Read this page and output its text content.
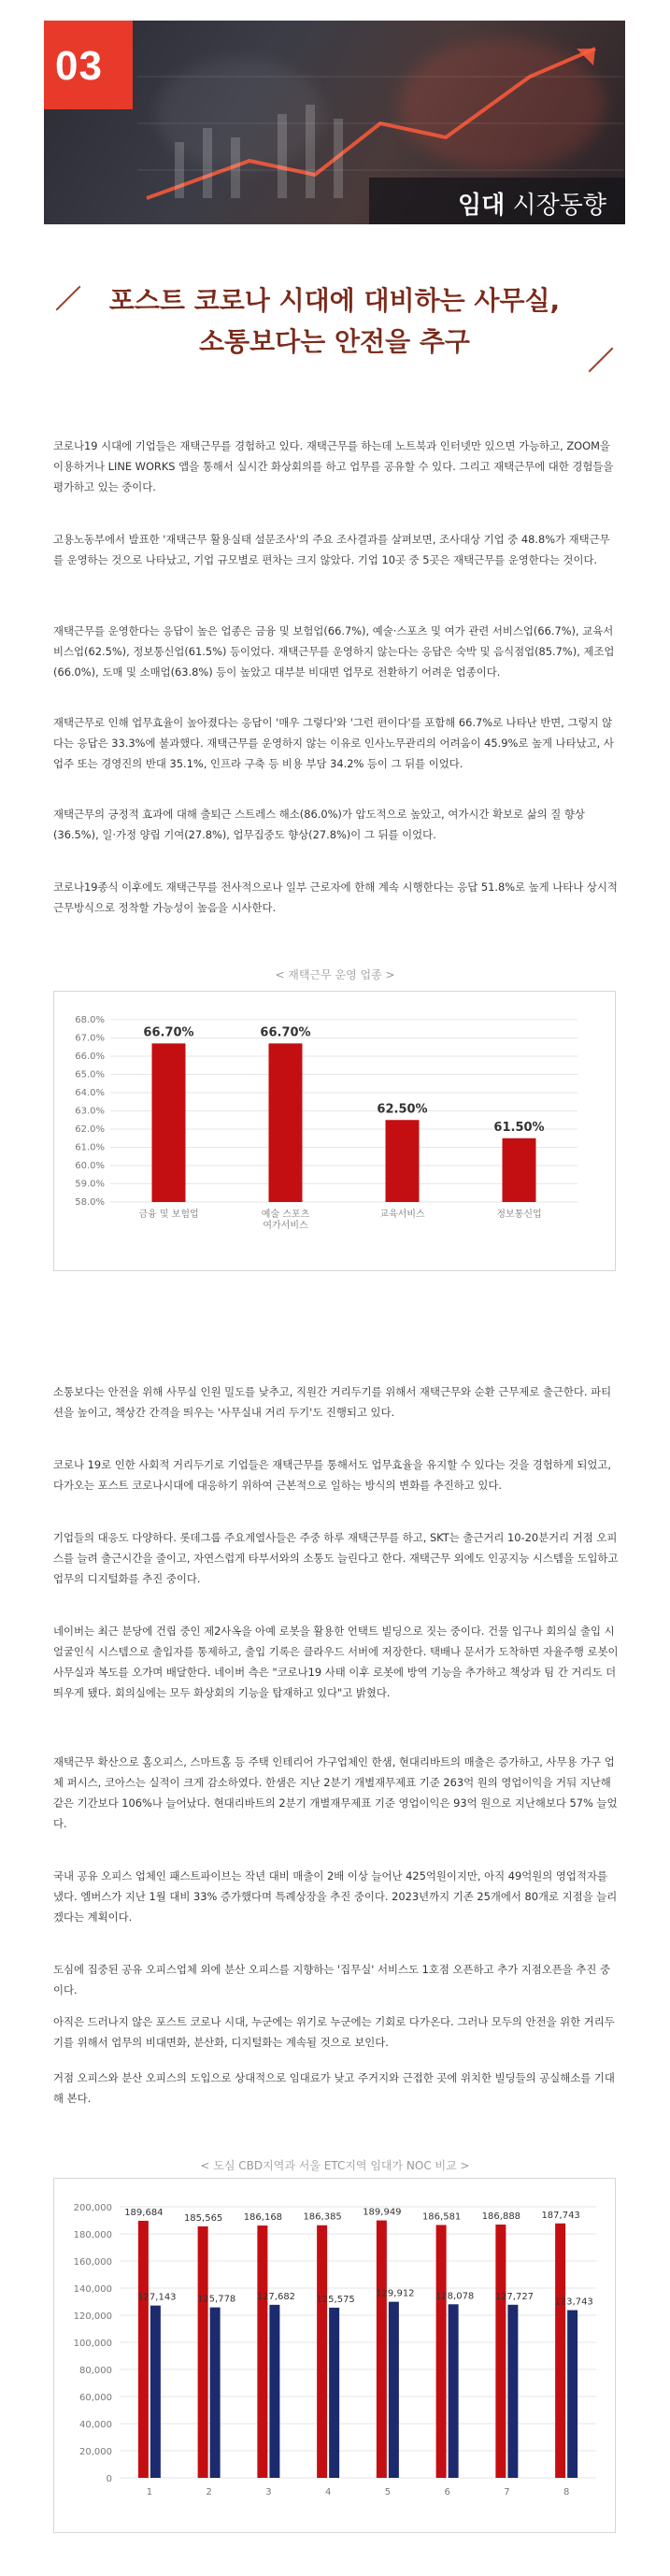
03
임대 시장동향
포스트 코로나 시대에 대비하는 사무실,
소통보다는 안전을 추구
코로나19 시대에 기업들은 재택근무를 경험하고 있다. 재택근무를 하는데 노트북과 인터넷만 있으면 가능하고, ZOOM을 이용하거나 LINE WORKS 앱을 통해서 실시간 화상회의를 하고 업무를 공유할 수 있다. 그리고 재택근무에 대한 경험들을 평가하고 있는 중이다.
고용노동부에서 발표한 '재택근무 활용실태 설문조사'의 주요 조사결과를 살펴보면, 조사대상 기업 중 48.8%가 재택근무를 운영하는 것으로 나타났고, 기업 규모별로 편차는 크지 않았다. 기업 10곳 중 5곳은 재택근무를 운영한다는 것이다.
재택근무를 운영한다는 응답이 높은 업종은 금융 및 보험업(66.7%), 예술·스포츠 및 여가 관련 서비스업(66.7%), 교육서비스업(62.5%), 정보통신업(61.5%) 등이었다. 재택근무를 운영하지 않는다는 응답은 숙박 및 음식점업(85.7%), 제조업(66.0%), 도매 및 소매업(63.8%) 등이 높았고 대부분 비대면 업무로 전환하기 어려운 업종이다.
재택근무로 인해 업무효율이 높아졌다는 응답이 '매우 그렇다'와 '그런 편이다'를 포함해 66.7%로 나타난 반면, 그렇지 않다는 응답은 33.3%에 불과했다. 재택근무를 운영하지 않는 이유로 인사노무관리의 어려움이 45.9%로 높게 나타났고, 사업주 또는 경영진의 반대 35.1%, 인프라 구축 등 비용 부담 34.2% 등이 그 뒤를 이었다.
재택근무의 긍정적 효과에 대해 출퇴근 스트레스 해소(86.0%)가 압도적으로 높았고, 여가시간 확보로 삶의 질 향상(36.5%), 일·가정 양립 기여(27.8%), 업무집중도 향상(27.8%)이 그 뒤를 이었다.
코로나19종식 이후에도 재택근무를 전사적으로나 일부 근로자에 한해 계속 시행한다는 응답 51.8%로 높게 나타나 상시적 근무방식으로 정착할 가능성이 높음을 시사한다.
< 재택근무 운영 업종 >
58.0%
59.0%
60.0%
61.0%
62.0%
63.0%
64.0%
65.0%
66.0%
67.0%
68.0%
66.70%
금융 및 보험업
66.70%
예술 스포츠
여가서비스
62.50%
교육서비스
61.50%
정보통신업
소통보다는 안전을 위해 사무실 인원 밀도를 낮추고, 직원간 거리두기를 위해서 재택근무와 순환 근무제로 출근한다. 파티션을 높이고, 책상간 간격을 띄우는 '사무실내 거리 두기'도 진행되고 있다.
코로나 19로 인한 사회적 거리두기로 기업들은 재택근무를 통해서도 업무효율을 유지할 수 있다는 것을 경험하게 되었고, 다가오는 포스트 코로나시대에 대응하기 위하여 근본적으로 일하는 방식의 변화를 추진하고 있다.
기업들의 대응도 다양하다. 롯데그룹 주요계열사들은 주중 하루 재택근무를 하고, SKT는 출근거리 10-20분거리 거점 오피스를 늘려 출근시간을 줄이고, 자연스럽게 타부서와의 소통도 늘린다고 한다. 재택근무 외에도 인공지능 시스템을 도입하고 업무의 디지털화를 추진 중이다.
네이버는 최근 분당에 건립 중인 제2사옥을 아예 로봇을 활용한 언택트 빌딩으로 짓는 중이다. 건물 입구나 회의실 출입 시 얼굴인식 시스템으로 출입자를 통제하고, 출입 기록은 클라우드 서버에 저장한다. 택배나 문서가 도착하면 자율주행 로봇이 사무실과 복도를 오가며 배달한다. 네이버 측은 "코로나19 사태 이후 로봇에 방역 기능을 추가하고 책상과 팀 간 거리도 더 띄우게 됐다. 회의실에는 모두 화상회의 기능을 탑재하고 있다"고 밝혔다.
재택근무 확산으로 홈오피스, 스마트홈 등 주택 인테리어 가구업체인 한샘, 현대리바트의 매출은 증가하고, 사무용 가구 업체 퍼시스, 코아스는 실적이 크게 감소하였다. 한샘은 지난 2분기 개별재무제표 기준 263억 원의 영업이익을 거둬 지난해 같은 기간보다 106%나 늘어났다. 현대리바트의 2분기 개별재무제표 기준 영업이익은 93억 원으로 지난해보다 57% 늘었다.
국내 공유 오피스 업체인 패스트파이브는 작년 대비 매출이 2배 이상 늘어난 425억원이지만, 아직 49억원의 영업적자를 냈다. 엠버스가 지난 1월 대비 33% 증가했다며 특례상장을 추진 중이다. 2023년까지 기존 25개에서 80개로 지점을 늘리겠다는 계획이다.
도심에 집중된 공유 오피스업체 외에 분산 오피스를 지향하는 '집무실' 서비스도 1호점 오픈하고 추가 지점오픈을 추진 중이다.
아직은 드러나지 않은 포스트 코로나 시대, 누군에는 위기로 누군에는 기회로 다가온다. 그러나 모두의 안전을 위한 거리두기를 위해서 업무의 비대면화, 분산화, 디지털화는 계속될 것으로 보인다.
거점 오피스와 분산 오피스의 도입으로 상대적으로 임대료가 낮고 주거지와 근접한 곳에 위치한 빌딩들의 공실해소를 기대해 본다.
< 도심 CBD지역과 서울 ETC지역 임대가 NOC 비교 >
0
20,000
40,000
60,000
80,000
100,000
120,000
140,000
160,000
180,000
200,000 189,684
127,143
1
185,565
125,778
2
186,168
127,682
3
186,385
125,575
4
189,949
129,912
5
186,581
128,078
6
186,888
127,727
7
187,743
123,743
8
